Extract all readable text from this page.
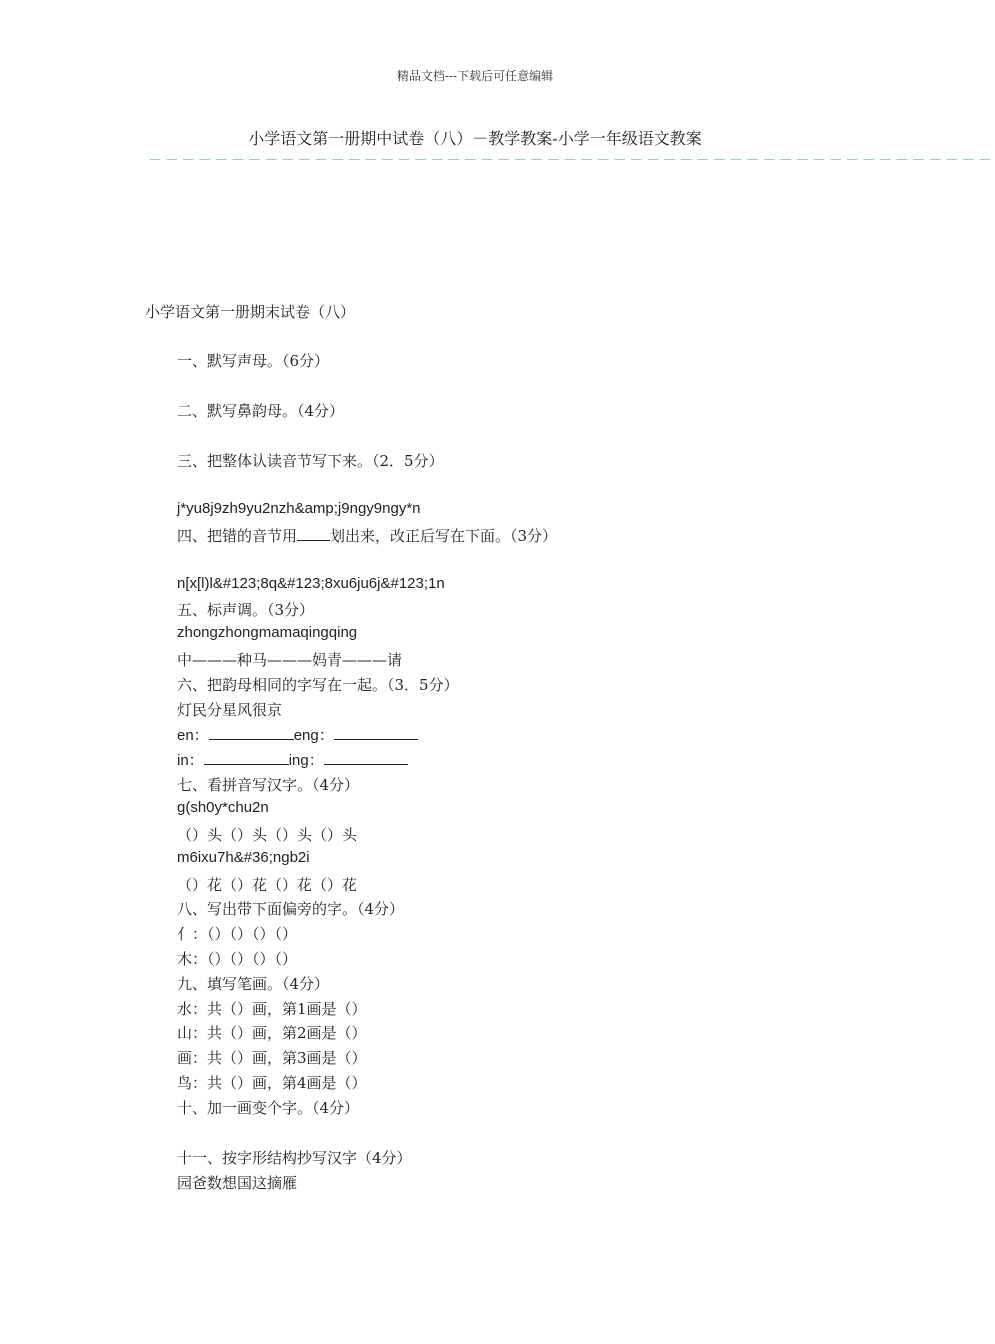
精品文档---下载后可任意编辑
小学语文第一册期中试卷（八）－教学教案-小学一年级语文教案
－－－－－－－－－－－－－－－－－－－－－－－－－－－－－－－－－－－－－－－－－－－－－－－－－－－
小学语文第一册期末试卷（八）
一、默写声母。（6分）
二、默写鼻韵母。（4分）
三、把整体认读音节写下来。（2．5分）
j*yu8j9zh9yu2nzh&amp;j9ngy9ngy*n
四、把错的音节用 划出来，改正后写在下面。（3分）
n[x[l)l&#123;8q&#123;8xu6ju6j&#123;1n
五、标声调。（3分）
zhongzhongmamaqingqing
中———种马———妈青———请
六、把韵母相同的字写在一起。（3．5分）
灯民分星风很京
en：	eng：
in：	ing：
七、看拼音写汉字。（4分）
g(sh0y*chu2n
（）头（）头（）头（）头
m6ixu7h&#36;ngb2i
（）花（）花（）花（）花
八、写出带下面偏旁的字。（4分）
亻：（）（）（）（）
木：（）（）（）（）
九、填写笔画。（4分）
水：共（）画，第1画是（）
山：共（）画，第2画是（）
画：共（）画，第3画是（）
鸟：共（）画，第4画是（）
十、加一画变个字。（4分）
十一、按字形结构抄写汉字（4分）
园爸数想国这摘雁
